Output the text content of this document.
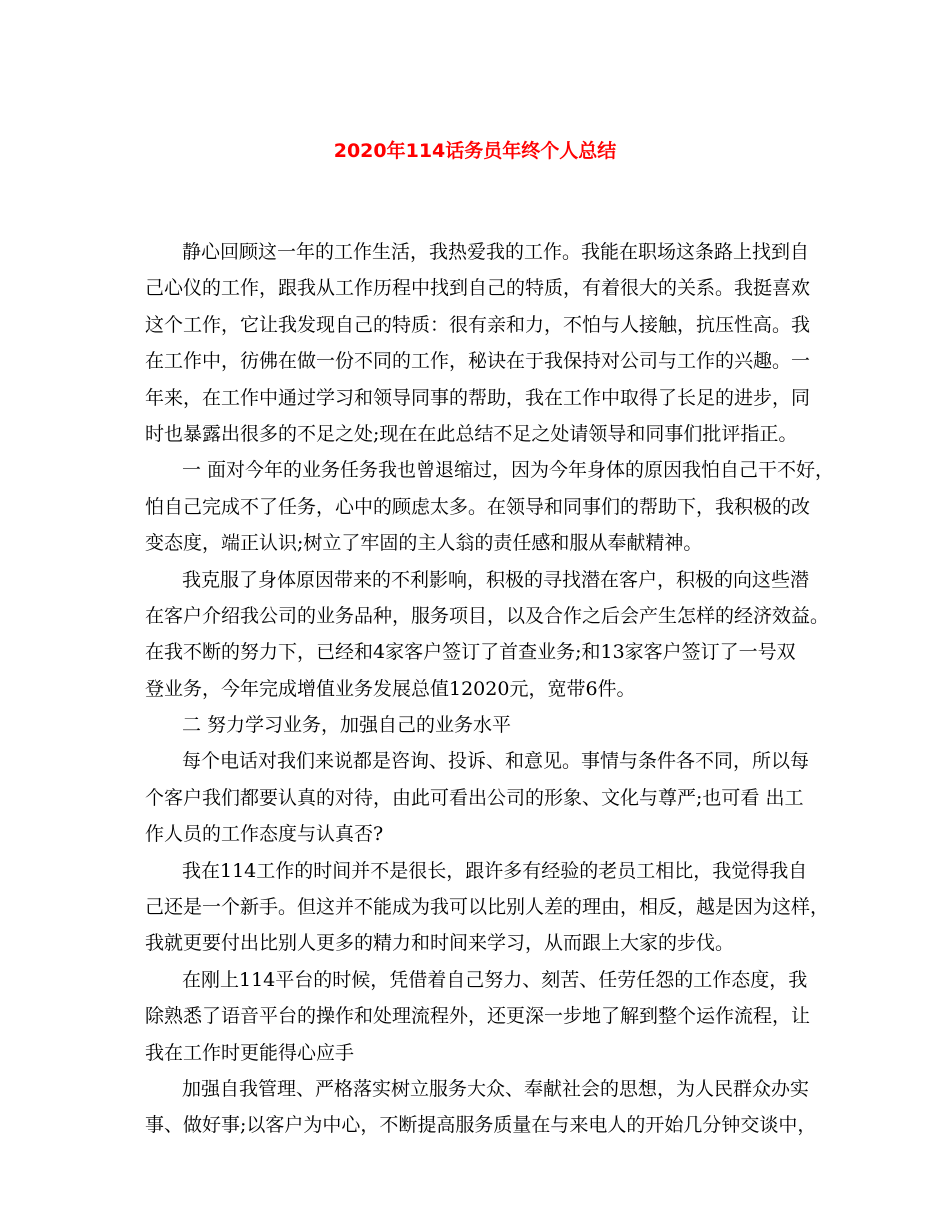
2020年114话务员年终个人总结
静心回顾这一年的工作生活，我热爱我的工作。我能在职场这条路上找到自
己心仪的工作，跟我从工作历程中找到自己的特质，有着很大的关系。我挺喜欢
这个工作，它让我发现自己的特质：很有亲和力，不怕与人接触，抗压性高。我
在工作中，彷佛在做一份不同的工作，秘诀在于我保持对公司与工作的兴趣。一
年来，在工作中通过学习和领导同事的帮助，我在工作中取得了长足的进步，同
时也暴露出很多的不足之处;现在在此总结不足之处请领导和同事们批评指正。
一 面对今年的业务任务我也曾退缩过，因为今年身体的原因我怕自己干不好，
怕自己完成不了任务，心中的顾虑太多。在领导和同事们的帮助下，我积极的改
变态度，端正认识;树立了牢固的主人翁的责任感和服从奉献精神。
我克服了身体原因带来的不利影响，积极的寻找潜在客户，积极的向这些潜
在客户介绍我公司的业务品种，服务项目，以及合作之后会产生怎样的经济效益。
在我不断的努力下，已经和4家客户签订了首查业务;和13家客户签订了一号双
登业务，今年完成增值业务发展总值12020元，宽带6件。
二 努力学习业务，加强自己的业务水平
每个电话对我们来说都是咨询、投诉、和意见。事情与条件各不同，所以每
个客户我们都要认真的对待，由此可看出公司的形象、文化与尊严;也可看 出工
作人员的工作态度与认真否?
我在114工作的时间并不是很长，跟许多有经验的老员工相比，我觉得我自
己还是一个新手。但这并不能成为我可以比别人差的理由，相反，越是因为这样，
我就更要付出比别人更多的精力和时间来学习，从而跟上大家的步伐。
在刚上114平台的时候，凭借着自己努力、刻苦、任劳任怨的工作态度，我
除熟悉了语音平台的操作和处理流程外，还更深一步地了解到整个运作流程，让
我在工作时更能得心应手
加强自我管理、严格落实树立服务大众、奉献社会的思想，为人民群众办实
事、做好事;以客户为中心，不断提高服务质量在与来电人的开始几分钟交谈中，
